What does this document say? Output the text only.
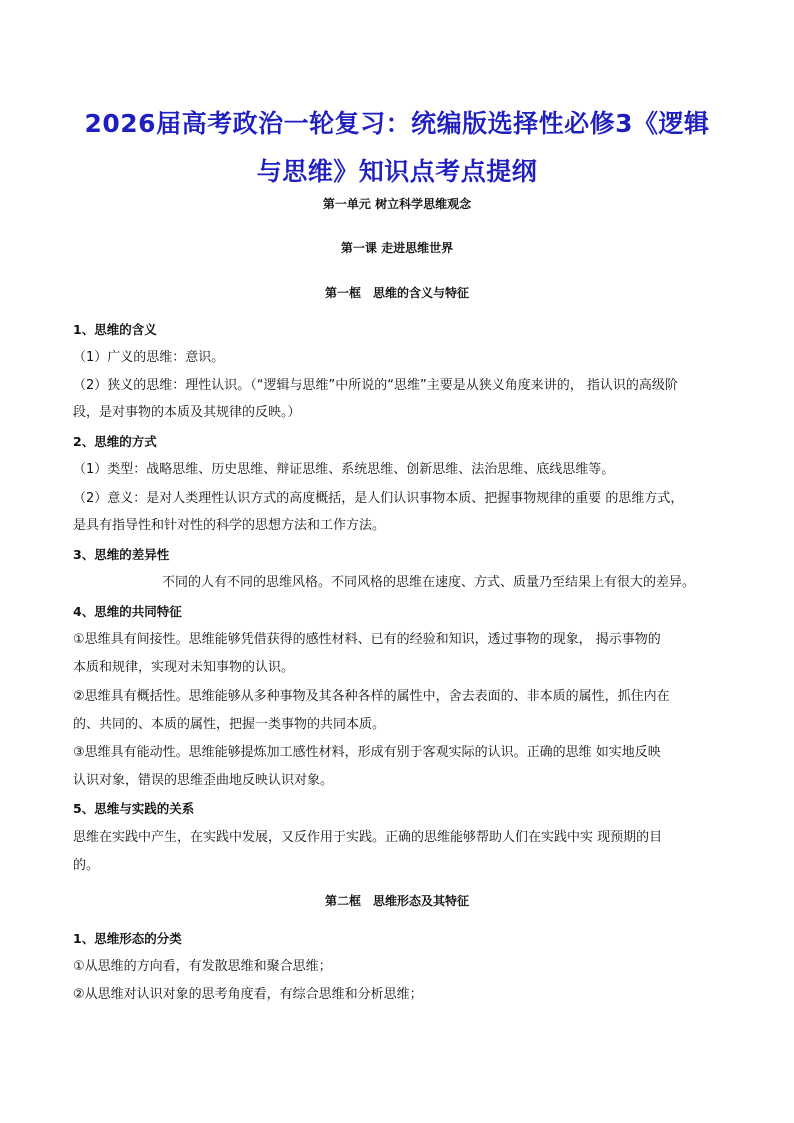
2026届高考政治一轮复习：统编版选择性必修3《逻辑
与思维》知识点考点提纲
第一单元 树立科学思维观念
第一课 走进思维世界
第一框　思维的含义与特征
1、思维的含义
（1）广义的思维：意识。
（2）狭义的思维：理性认识。（“逻辑与思维”中所说的“思维”主要是从狭义角度来讲的， 指认识的高级阶
段，是对事物的本质及其规律的反映。）
2、思维的方式
（1）类型：战略思维、历史思维、辩证思维、系统思维、创新思维、法治思维、底线思维等。
（2）意义：是对人类理性认识方式的高度概括，是人们认识事物本质、把握事物规律的重要 的思维方式，
是具有指导性和针对性的科学的思想方法和工作方法。
3、思维的差异性
不同的人有不同的思维风格。不同风格的思维在速度、方式、质量乃至结果上有很大的差异。
4、思维的共同特征
①思维具有间接性。思维能够凭借获得的感性材料、已有的经验和知识，透过事物的现象， 揭示事物的
本质和规律，实现对未知事物的认识。
②思维具有概括性。思维能够从多种事物及其各种各样的属性中，舍去表面的、非本质的属性，抓住内在
的、共同的、本质的属性，把握一类事物的共同本质。
③思维具有能动性。思维能够提炼加工感性材料，形成有别于客观实际的认识。正确的思维 如实地反映
认识对象，错误的思维歪曲地反映认识对象。
5、思维与实践的关系
思维在实践中产生，在实践中发展，又反作用于实践。正确的思维能够帮助人们在实践中实 现预期的目
的。
第二框　思维形态及其特征
1、思维形态的分类
①从思维的方向看，有发散思维和聚合思维；
②从思维对认识对象的思考角度看，有综合思维和分析思维；
